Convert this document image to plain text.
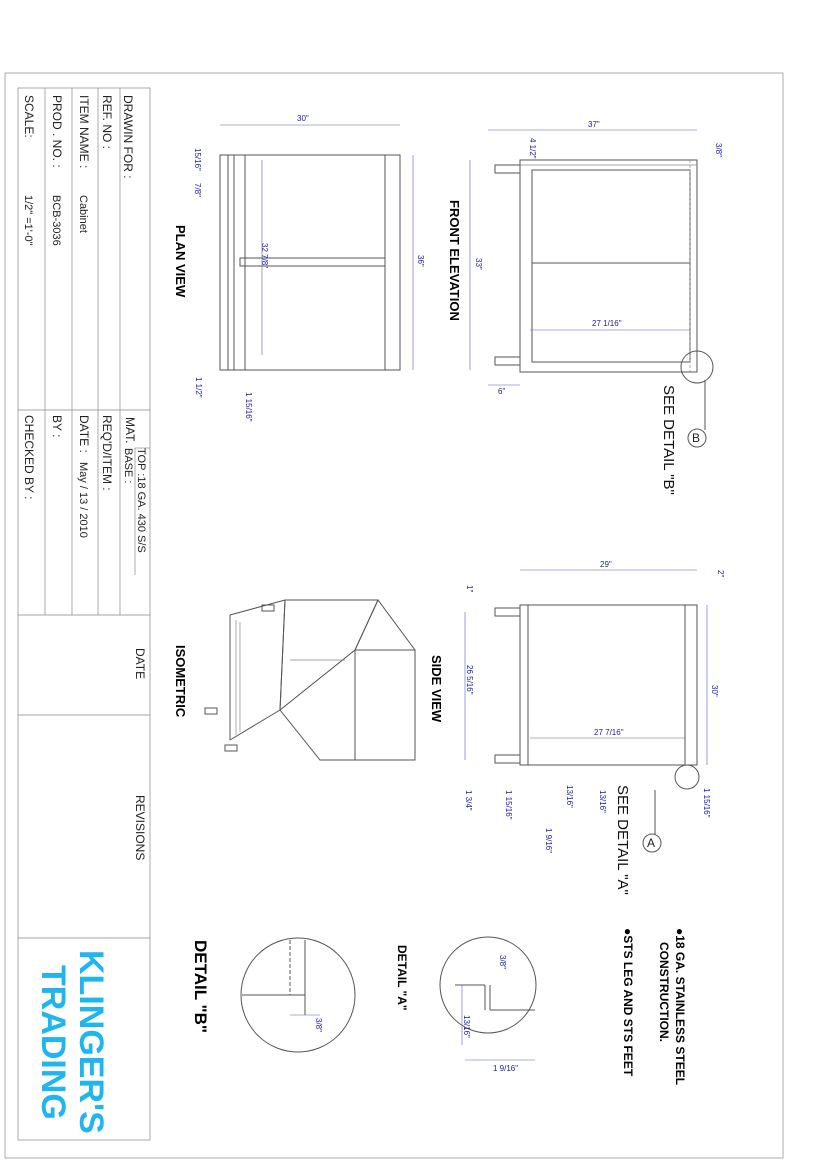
DRAWIN FOR :
REF. NO :
ITEM NAME :
Cabinet
PROD . NO. :
BCB-3036
SCALE:
1/2" =1'-0"
MAT.
TOP :18 GA. 430 S/S
BASE :
REQ'D/ITEM :
DATE :
May / 13 / 2010
BY :
CHECKED BY :
DATE
REVISIONS
KLINGER'S
TRADING
B
37"
3/8"
4 1/2"
33"
27 1/16"
6"
FRONT ELEVATION
SEE DETAIL "B"
30"
36"
15/16"
7/8"
32 7/8"
1 1/2"
1 15/16"
PLAN VIEW
A
29"
2"
1"
26 5/16"	30"
27 7/16"
1 3/4"	1 15/16"	13/16"	13/16"
1 9/16"
1 15/16"
SIDE VIEW
SEE DETAIL "A"
ISOMETRIC
●18 GA. STAINLESS STEEL
CONSTRUCTION.
●STS LEG AND STS FEET
3/8"
13/16"
1 9/16"
DETAIL "A"
3/8"
DETAIL "B"
